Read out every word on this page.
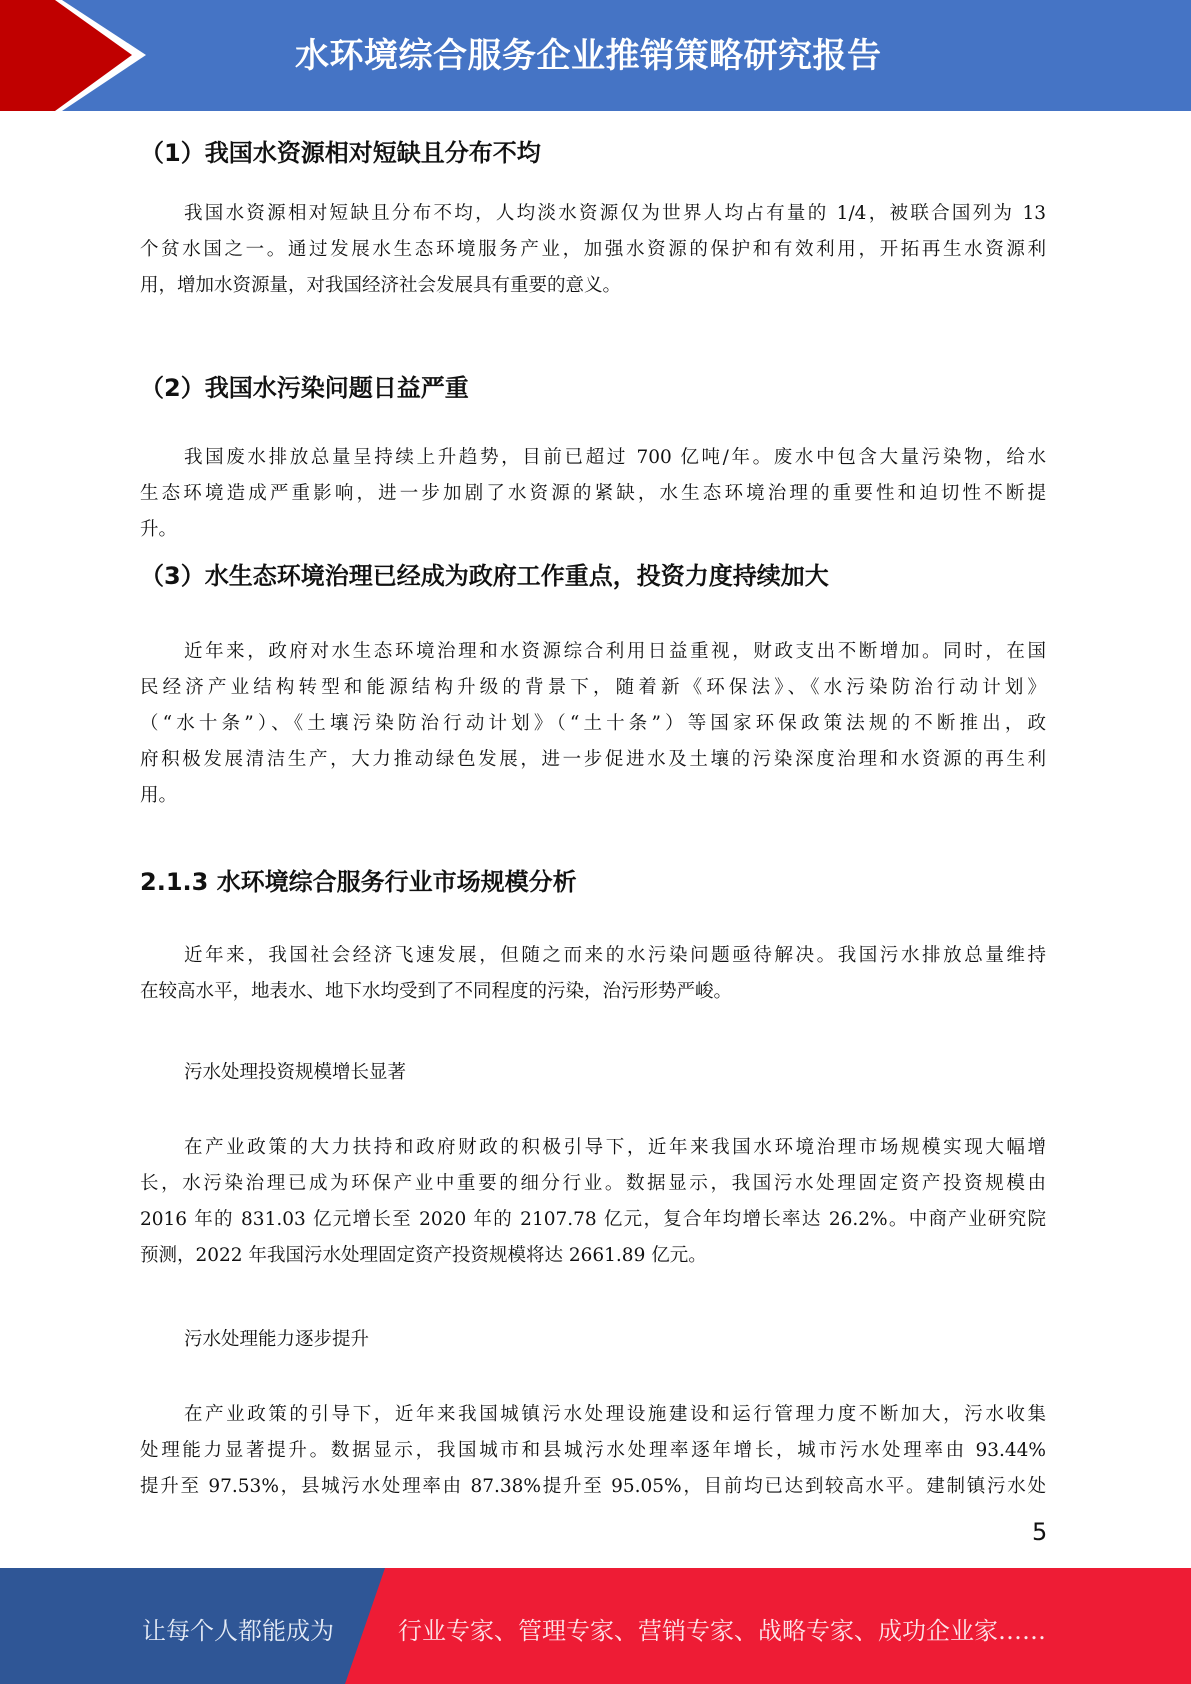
水环境综合服务企业推销策略研究报告
（1）我国水资源相对短缺且分布不均
我国水资源相对短缺且分布不均，人均淡水资源仅为世界人均占有量的 1/4，被联合国列为 13
个贫水国之一。通过发展水生态环境服务产业，加强水资源的保护和有效利用，开拓再生水资源利
用，增加水资源量，对我国经济社会发展具有重要的意义。
（2）我国水污染问题日益严重
我国废水排放总量呈持续上升趋势，目前已超过 700 亿吨/年。废水中包含大量污染物，给水
生态环境造成严重影响，进一步加剧了水资源的紧缺，水生态环境治理的重要性和迫切性不断提
升。
（3）水生态环境治理已经成为政府工作重点，投资力度持续加大
近年来，政府对水生态环境治理和水资源综合利用日益重视，财政支出不断增加。同时，在国
民经济产业结构转型和能源结构升级的背景下，随着新《环保法》、《水污染防治行动计划》
（“水十条”）、《土壤污染防治行动计划》（“土十条”）等国家环保政策法规的不断推出，政
府积极发展清洁生产，大力推动绿色发展，进一步促进水及土壤的污染深度治理和水资源的再生利
用。
2.1.3 水环境综合服务行业市场规模分析
近年来，我国社会经济飞速发展，但随之而来的水污染问题亟待解决。我国污水排放总量维持
在较高水平，地表水、地下水均受到了不同程度的污染，治污形势严峻。
污水处理投资规模增长显著
在产业政策的大力扶持和政府财政的积极引导下，近年来我国水环境治理市场规模实现大幅增
长，水污染治理已成为环保产业中重要的细分行业。数据显示，我国污水处理固定资产投资规模由
2016 年的 831.03 亿元增长至 2020 年的 2107.78 亿元，复合年均增长率达 26.2%。中商产业研究院
预测，2022 年我国污水处理固定资产投资规模将达 2661.89 亿元。
污水处理能力逐步提升
在产业政策的引导下，近年来我国城镇污水处理设施建设和运行管理力度不断加大，污水收集
处理能力显著提升。数据显示，我国城市和县城污水处理率逐年增长，城市污水处理率由 93.44%
提升至 97.53%，县城污水处理率由 87.38%提升至 95.05%，目前均已达到较高水平。建制镇污水处
5
让每个人都能成为	行业专家、管理专家、营销专家、战略专家、成功企业家……
